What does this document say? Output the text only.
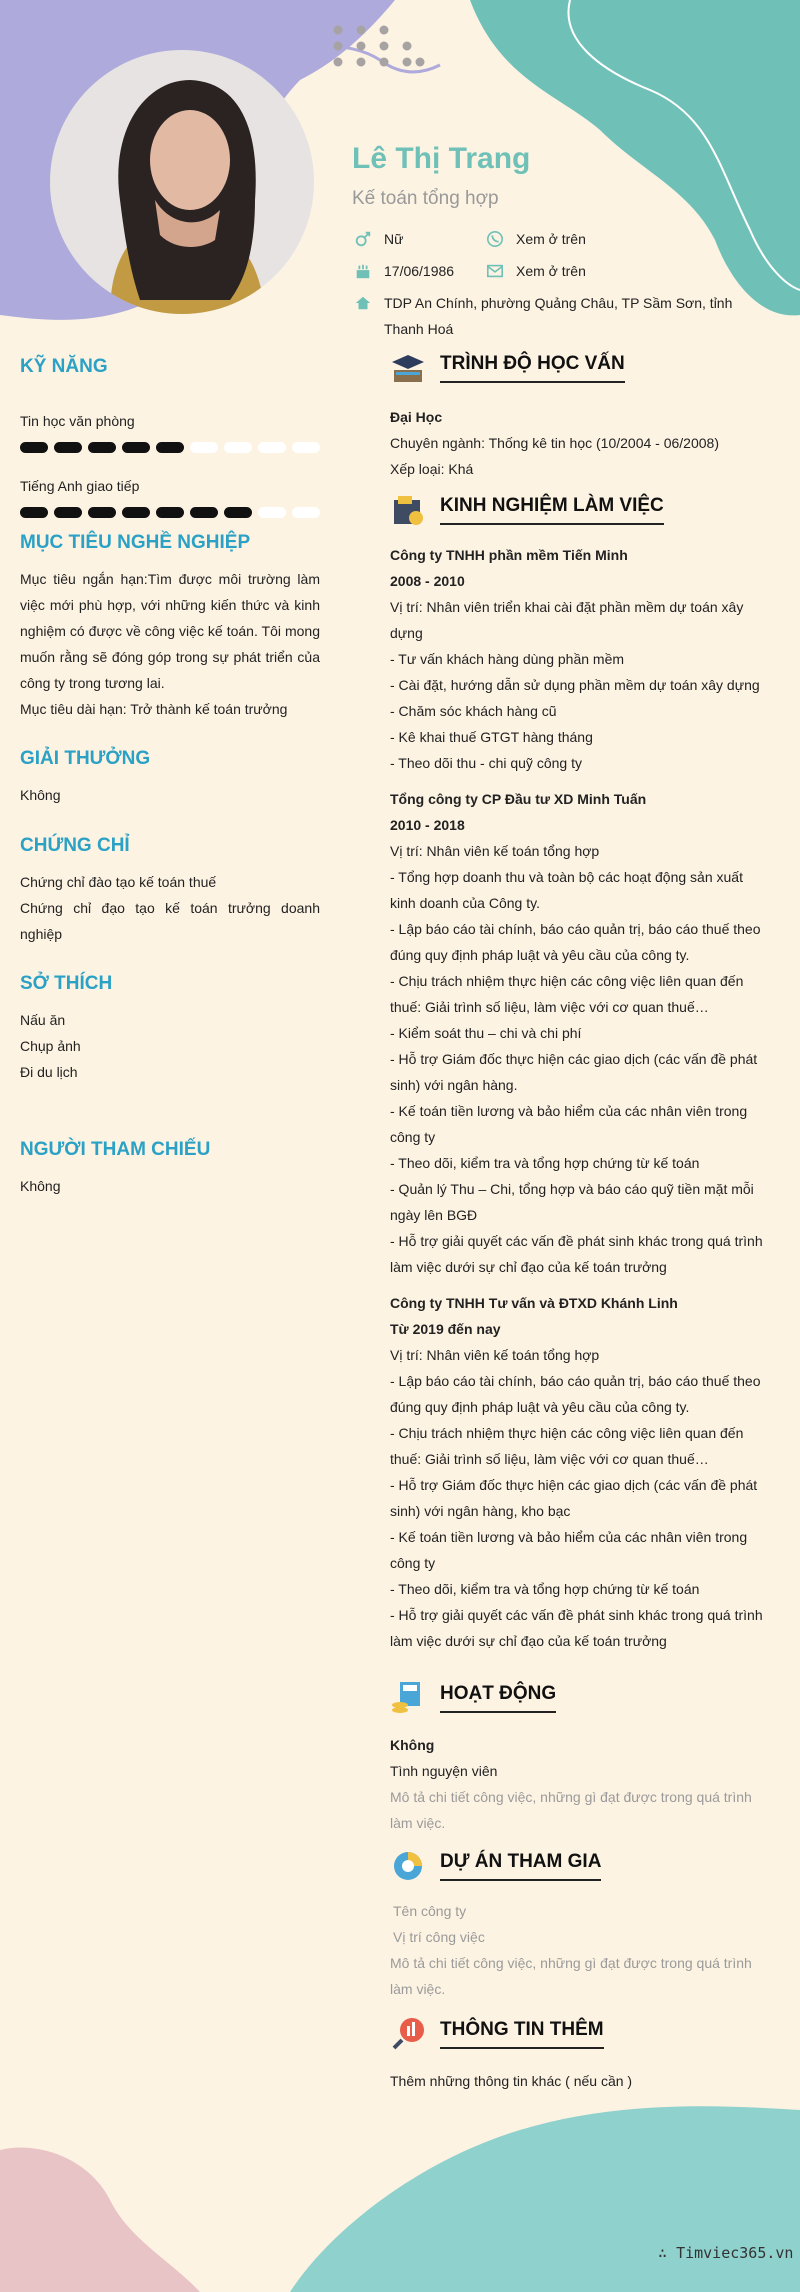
Lê Thị Trang
Kế toán tổng hợp
Nữ	Xem ở trên
17/06/1986	Xem ở trên
TDP An Chính, phường Quảng Châu, TP Sầm Sơn, tỉnh Thanh Hoá
KỸ NĂNG

Tin học văn phòng

Tiếng Anh giao tiếp

MỤC TIÊU NGHỀ NGHIỆP

Mục tiêu ngắn hạn:Tìm được môi trường làm việc mới phù hợp, với những kiến thức và kinh nghiệm có được về công việc kế toán. Tôi mong muốn rằng sẽ đóng góp trong sự phát triển của công ty trong tương lai.

Mục tiêu dài hạn: Trở thành kế toán trưởng

GIẢI THƯỞNG

Không

CHỨNG CHỈ

Chứng chỉ đào tạo kế toán thuế

Chứng chỉ đạo tạo kế toán trưởng doanh nghiệp

SỞ THÍCH

Nấu ăn

Chụp ảnh

Đi du lịch

NGƯỜI THAM CHIẾU

Không

TRÌNH ĐỘ HỌC VẤN

Đại Học

Chuyên ngành: Thống kê tin học (10/2004 - 06/2008)

Xếp loại: Khá

KINH NGHIỆM LÀM VIỆC

Công ty TNHH phần mềm Tiến Minh

2008 - 2010

Vị trí: Nhân viên triển khai cài đặt phần mềm dự toán xây dựng

- Tư vấn khách hàng dùng phần mềm

- Cài đặt, hướng dẫn sử dụng phần mềm dự toán xây dựng

- Chăm sóc khách hàng cũ

- Kê khai thuế GTGT hàng tháng

- Theo dõi thu - chi quỹ công ty

Tổng công ty CP Đầu tư XD Minh Tuấn

2010 - 2018

Vị trí: Nhân viên kế toán tổng hợp

- Tổng hợp doanh thu và toàn bộ các hoạt động sản xuất kinh doanh của Công ty.

- Lập báo cáo tài chính, báo cáo quản trị, báo cáo thuế theo đúng quy định pháp luật và yêu cầu của công ty.

- Chịu trách nhiệm thực hiện các công việc liên quan đến thuế: Giải trình số liệu, làm việc với cơ quan thuế…

- Kiểm soát thu – chi và chi phí

- Hỗ trợ Giám đốc thực hiện các giao dịch (các vấn đề phát sinh) với ngân hàng.

- Kế toán tiền lương và bảo hiểm của các nhân viên trong công ty

- Theo dõi, kiểm tra và tổng hợp chứng từ kế toán

- Quản lý Thu – Chi, tổng hợp và báo cáo quỹ tiền mặt mỗi ngày lên BGĐ

- Hỗ trợ giải quyết các vấn đề phát sinh khác trong quá trình làm việc dưới sự chỉ đạo của kế toán trưởng

Công ty TNHH Tư vấn và ĐTXD Khánh Linh

Từ 2019 đến nay

Vị trí: Nhân viên kế toán tổng hợp

- Lập báo cáo tài chính, báo cáo quản trị, báo cáo thuế theo đúng quy định pháp luật và yêu cầu của công ty.

- Chịu trách nhiệm thực hiện các công việc liên quan đến thuế: Giải trình số liệu, làm việc với cơ quan thuế…

- Hỗ trợ Giám đốc thực hiện các giao dịch (các vấn đề phát sinh) với ngân hàng, kho bạc

- Kế toán tiền lương và bảo hiểm của các nhân viên trong công ty

- Theo dõi, kiểm tra và tổng hợp chứng từ kế toán

- Hỗ trợ giải quyết các vấn đề phát sinh khác trong quá trình làm việc dưới sự chỉ đạo của kế toán trưởng

HOẠT ĐỘNG

Không

Tình nguyện viên

Mô tả chi tiết công việc, những gì đạt được trong quá trình làm việc.

DỰ ÁN THAM GIA

Tên công ty

Vị trí công việc

Mô tả chi tiết công việc, những gì đạt được trong quá trình làm việc.

THÔNG TIN THÊM

Thêm những thông tin khác ( nếu cần )

∴ Timviec365.vn
